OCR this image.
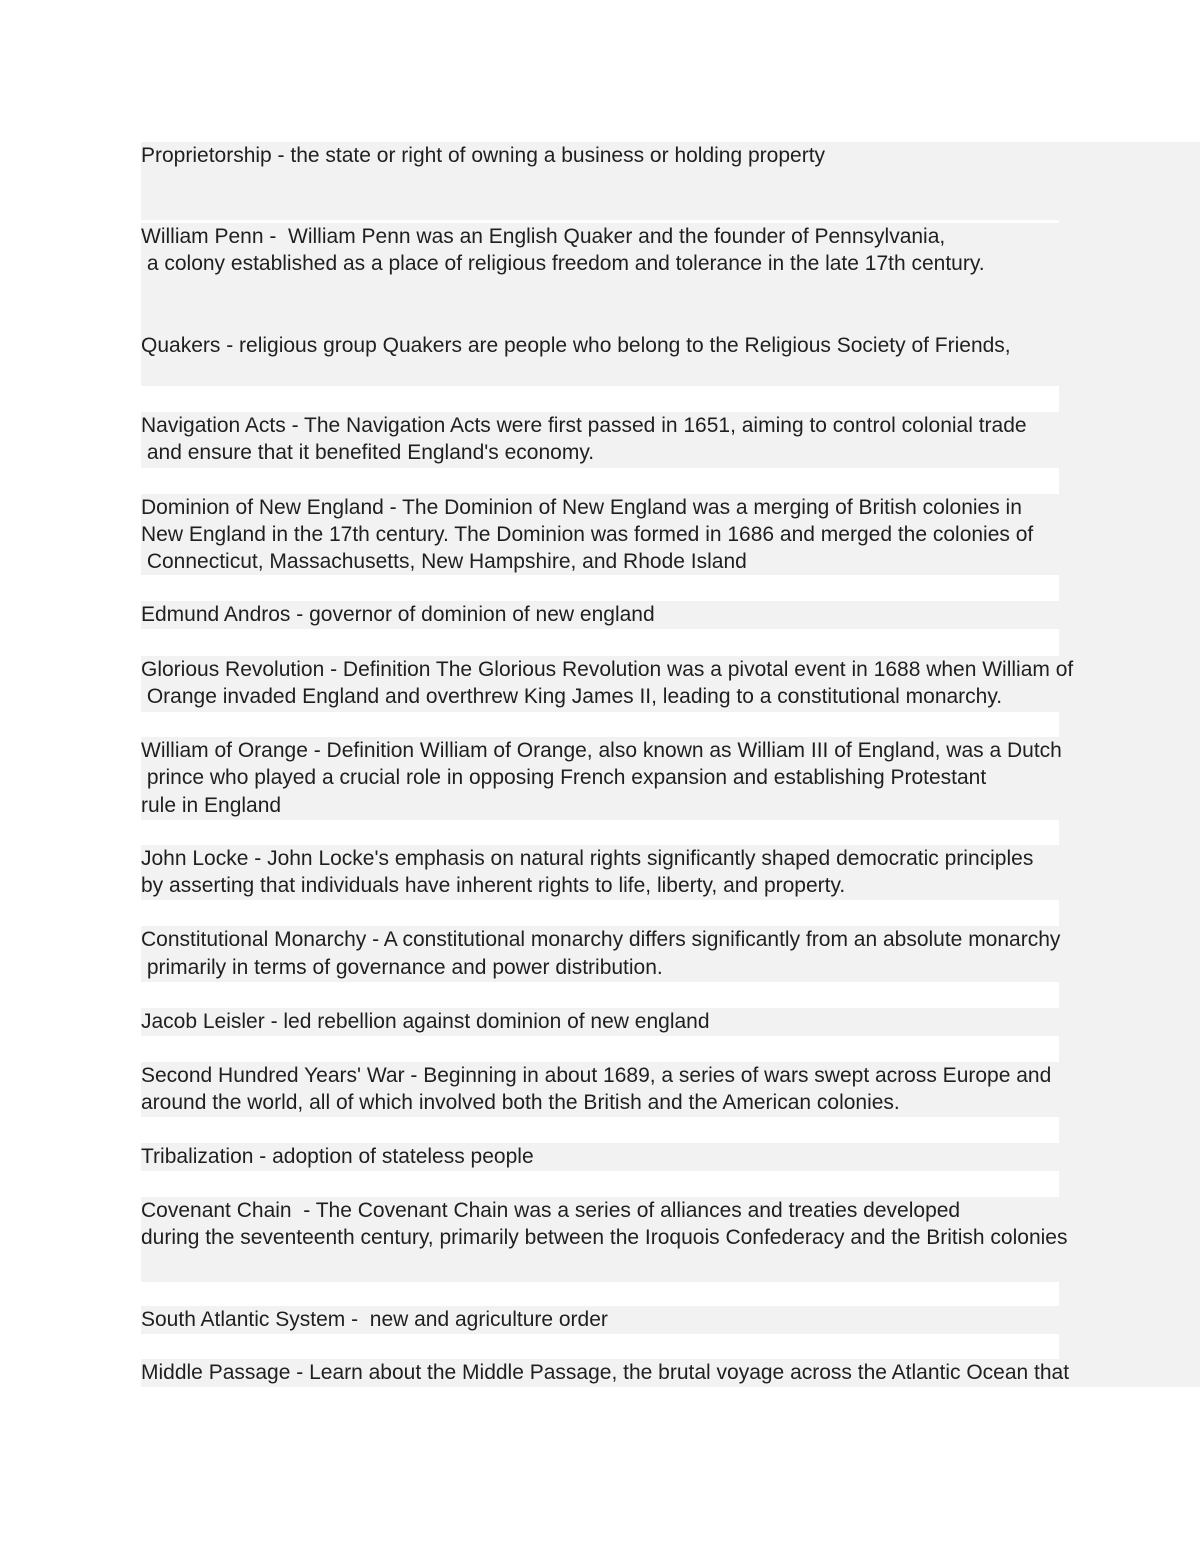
Proprietorship - the state or right of owning a business or holding property
William Penn -  William Penn was an English Quaker and the founder of Pennsylvania,
a colony established as a place of religious freedom and tolerance in the late 17th century.
Quakers - religious group Quakers are people who belong to the Religious Society of Friends,
Navigation Acts - The Navigation Acts were first passed in 1651, aiming to control colonial trade
and ensure that it benefited England's economy.
Dominion of New England - The Dominion of New England was a merging of British colonies in
New England in the 17th century. The Dominion was formed in 1686 and merged the colonies of
Connecticut, Massachusetts, New Hampshire, and Rhode Island
Edmund Andros - governor of dominion of new england
Glorious Revolution - Definition The Glorious Revolution was a pivotal event in 1688 when William of
Orange invaded England and overthrew King James II, leading to a constitutional monarchy.
William of Orange - Definition William of Orange, also known as William III of England, was a Dutch
prince who played a crucial role in opposing French expansion and establishing Protestant
rule in England
John Locke - John Locke's emphasis on natural rights significantly shaped democratic principles
by asserting that individuals have inherent rights to life, liberty, and property.
Constitutional Monarchy - A constitutional monarchy differs significantly from an absolute monarchy
primarily in terms of governance and power distribution.
Jacob Leisler - led rebellion against dominion of new england
Second Hundred Years' War - Beginning in about 1689, a series of wars swept across Europe and
around the world, all of which involved both the British and the American colonies.
Tribalization - adoption of stateless people
Covenant Chain  - The Covenant Chain was a series of alliances and treaties developed
during the seventeenth century, primarily between the Iroquois Confederacy and the British colonies
South Atlantic System -  new and agriculture order
Middle Passage - Learn about the Middle Passage, the brutal voyage across the Atlantic Ocean that
